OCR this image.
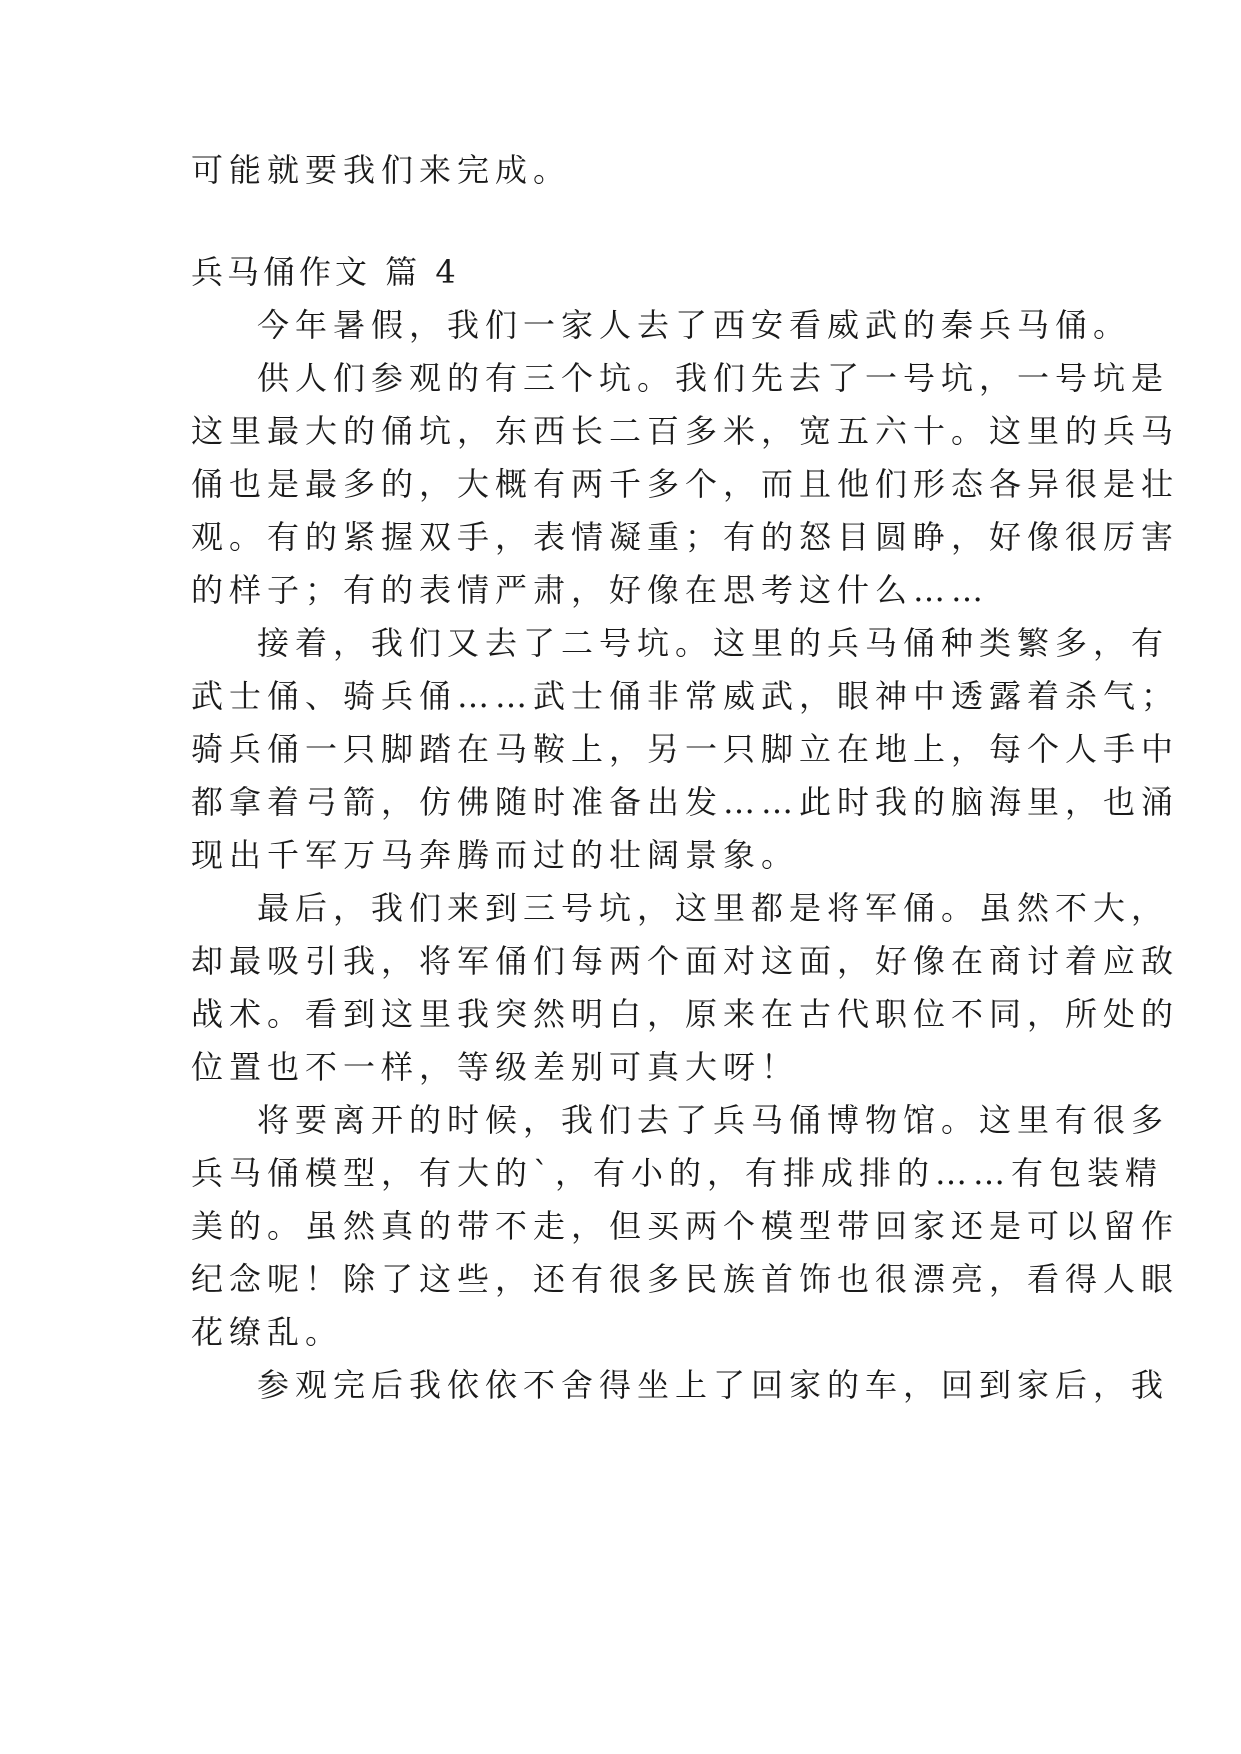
可能就要我们来完成。
兵马俑作文 篇 4
今年暑假，我们一家人去了西安看威武的秦兵马俑。
供人们参观的有三个坑。我们先去了一号坑，一号坑是
这里最大的俑坑，东西长二百多米，宽五六十。这里的兵马
俑也是最多的，大概有两千多个，而且他们形态各异很是壮
观。有的紧握双手，表情凝重；有的怒目圆睁，好像很厉害
的样子；有的表情严肃，好像在思考这什么……
接着，我们又去了二号坑。这里的兵马俑种类繁多，有
武士俑、骑兵俑……武士俑非常威武，眼神中透露着杀气；
骑兵俑一只脚踏在马鞍上，另一只脚立在地上，每个人手中
都拿着弓箭，仿佛随时准备出发……此时我的脑海里，也涌
现出千军万马奔腾而过的壮阔景象。
最后，我们来到三号坑，这里都是将军俑。虽然不大，
却最吸引我，将军俑们每两个面对这面，好像在商讨着应敌
战术。看到这里我突然明白，原来在古代职位不同，所处的
位置也不一样，等级差别可真大呀！
将要离开的时候，我们去了兵马俑博物馆。这里有很多
兵马俑模型，有大的`，有小的，有排成排的……有包装精
美的。虽然真的带不走，但买两个模型带回家还是可以留作
纪念呢！除了这些，还有很多民族首饰也很漂亮，看得人眼
花缭乱。
参观完后我依依不舍得坐上了回家的车，回到家后，我
